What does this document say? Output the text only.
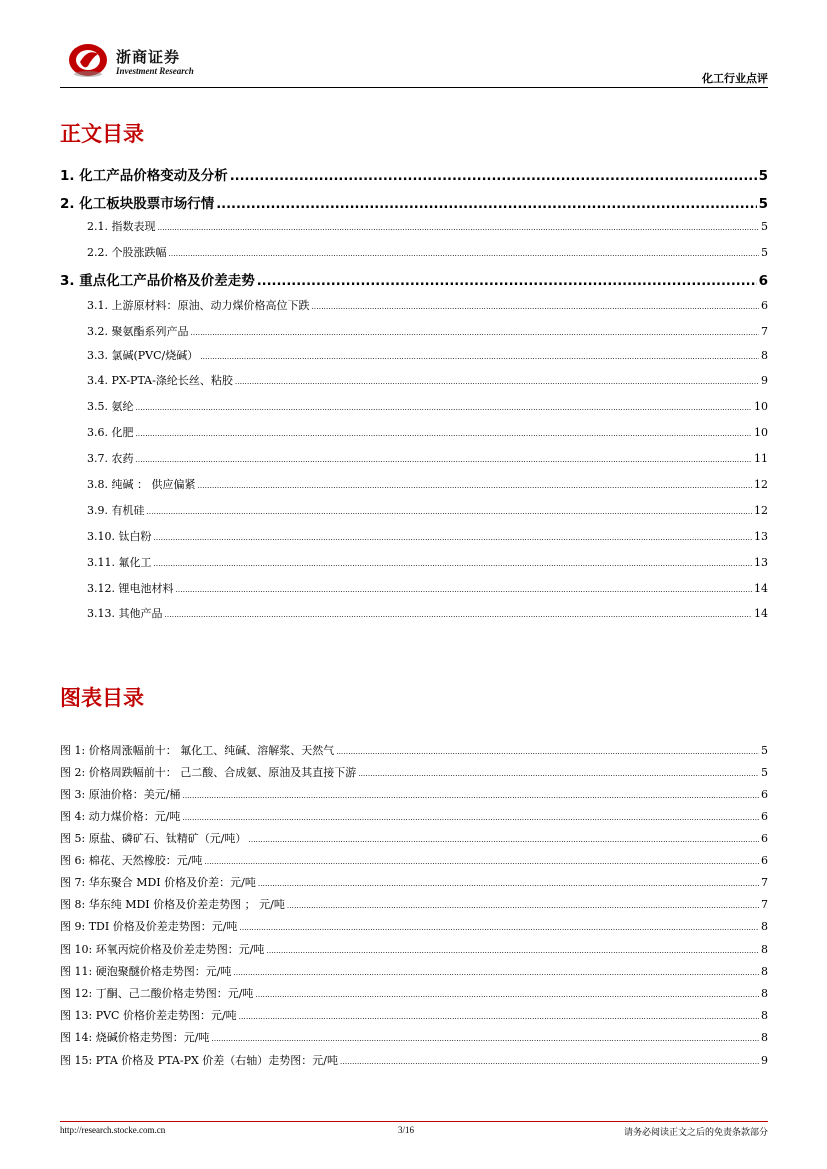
浙商证券
Investment Research
化工行业点评
正文目录
1. 化工产品价格变动及分析 .....	5
2. 化工板块股票市场行情 .....	5
2.1. 指数表现 .....	5
2.2. 个股涨跌幅 .....	5
3. 重点化工产品价格及价差走势 .....	6
3.1. 上游原材料：原油、动力煤价格高位下跌 .....	6
3.2. 聚氨酯系列产品 .....	7
3.3. 氯碱(PVC/烧碱） .....	8
3.4. PX-PTA-涤纶长丝、粘胶 .....	9
3.5. 氨纶 .....	10
3.6. 化肥 .....	10
3.7. 农药 .....	11
3.8. 纯碱 ： 供应偏紧 .....	12
3.9. 有机硅 .....	12
3.10. 钛白粉 .....	13
3.11. 氟化工 .....	13
3.12. 锂电池材料 .....	14
3.13. 其他产品 .....	14
图表目录
图 1: 价格周涨幅前十： 氟化工、纯碱、溶解浆、天然气 .....	5
图 2: 价格周跌幅前十： 己二酸、合成氨、原油及其直接下游 .....	5
图 3: 原油价格：美元/桶 .....	6
图 4: 动力煤价格：元/吨 .....	6
图 5: 原盐、磷矿石、钛精矿（元/吨） .....	6
图 6: 棉花、天然橡胶：元/吨 .....	6
图 7: 华东聚合 MDI 价格及价差：元/吨 .....	7
图 8: 华东纯 MDI 价格及价差走势图 ； 元/吨 .....	7
图 9: TDI 价格及价差走势图：元/吨 .....	8
图 10: 环氧丙烷价格及价差走势图：元/吨 .....	8
图 11: 硬泡聚醚价格走势图：元/吨 .....	8
图 12: 丁酮、己二酸价格走势图：元/吨 .....	8
图 13: PVC 价格价差走势图：元/吨 .....	8
图 14: 烧碱价格走势图：元/吨 .....	8
图 15: PTA 价格及 PTA-PX 价差（右轴）走势图：元/吨 .....	9
http://research.stocke.com.cn	3/16	请务必阅读正文之后的免责条款部分
